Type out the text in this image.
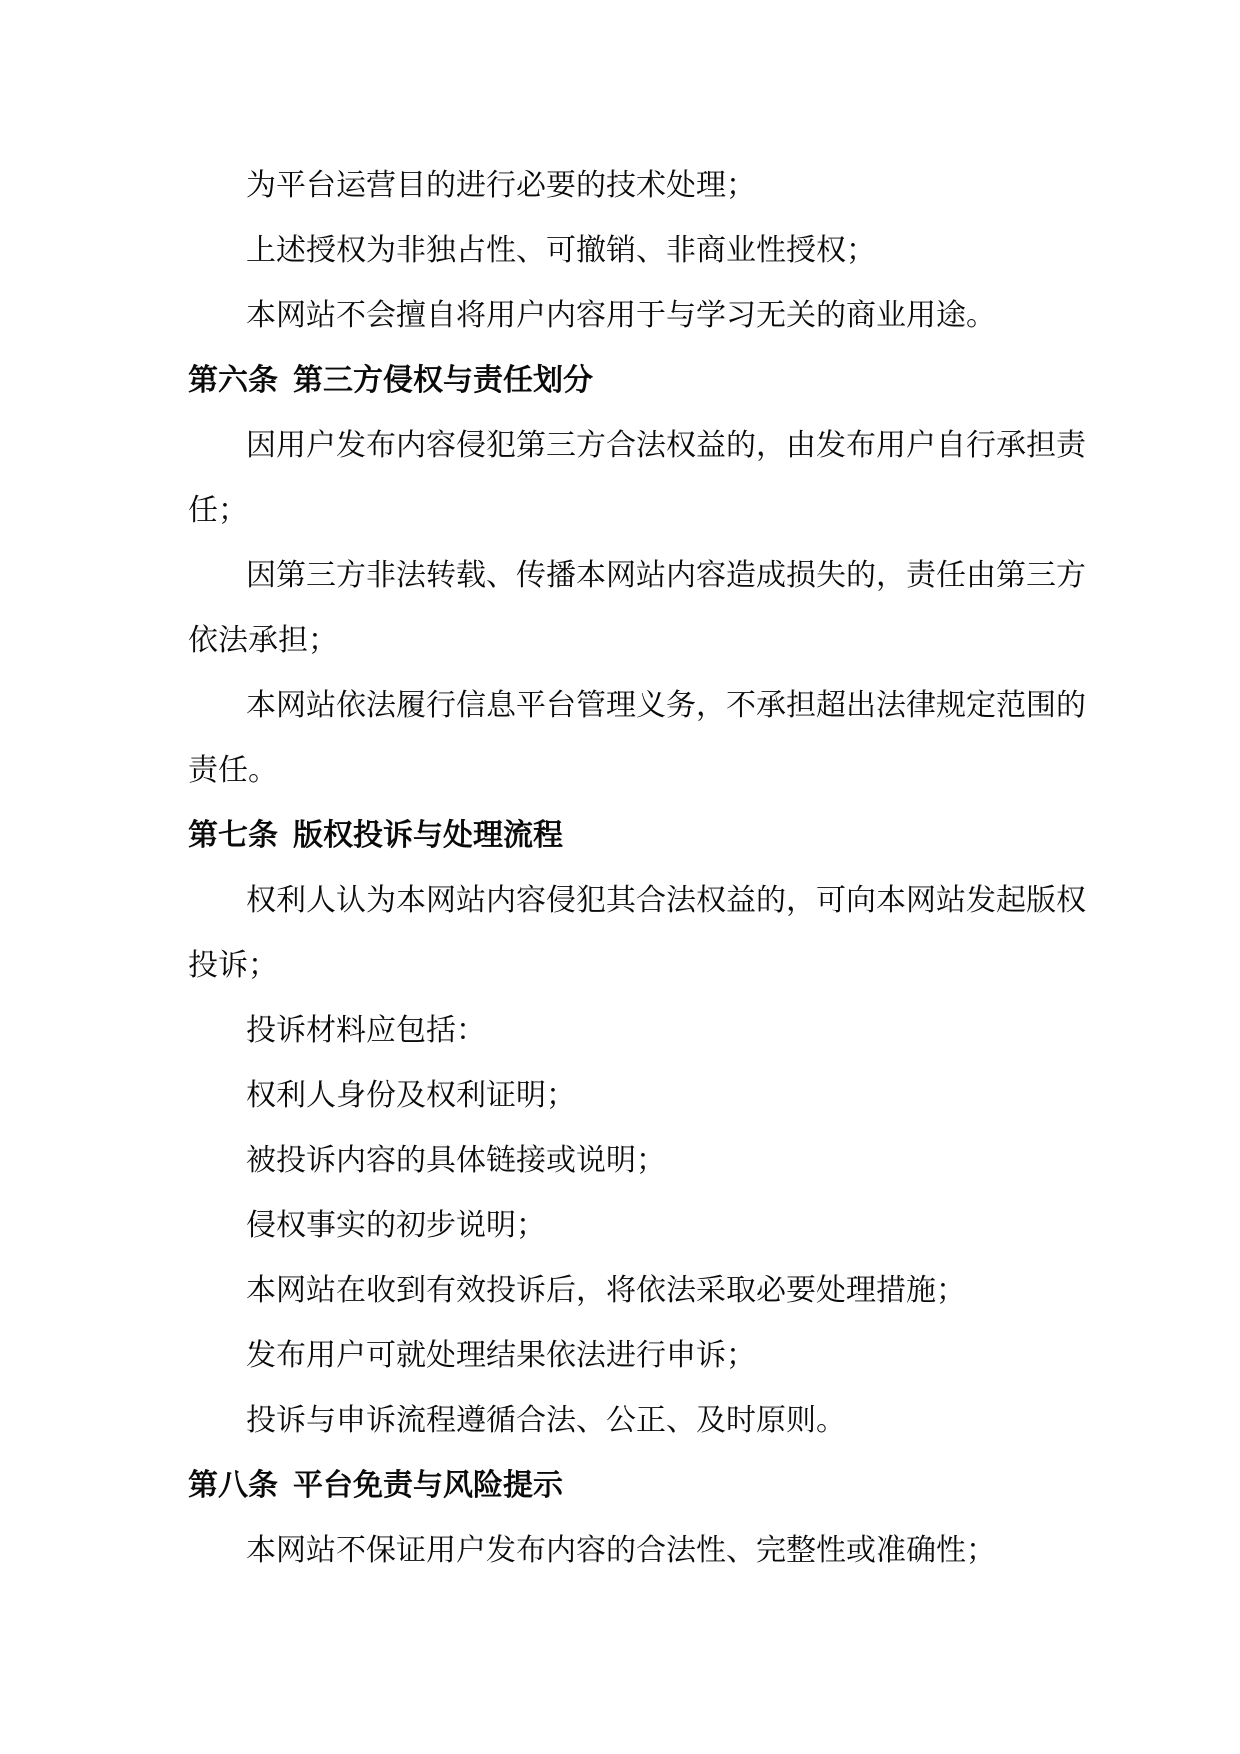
为平台运营目的进行必要的技术处理；

上述授权为非独占性、可撤销、非商业性授权；

本网站不会擅自将用户内容用于与学习无关的商业用途。

第六条 第三方侵权与责任划分

因用户发布内容侵犯第三方合法权益的，由发布用户自行承担责

任；

因第三方非法转载、传播本网站内容造成损失的，责任由第三方

依法承担；

本网站依法履行信息平台管理义务，不承担超出法律规定范围的

责任。

第七条 版权投诉与处理流程

权利人认为本网站内容侵犯其合法权益的，可向本网站发起版权

投诉；

投诉材料应包括：

权利人身份及权利证明；

被投诉内容的具体链接或说明；

侵权事实的初步说明；

本网站在收到有效投诉后，将依法采取必要处理措施；

发布用户可就处理结果依法进行申诉；

投诉与申诉流程遵循合法、公正、及时原则。

第八条 平台免责与风险提示

本网站不保证用户发布内容的合法性、完整性或准确性；
